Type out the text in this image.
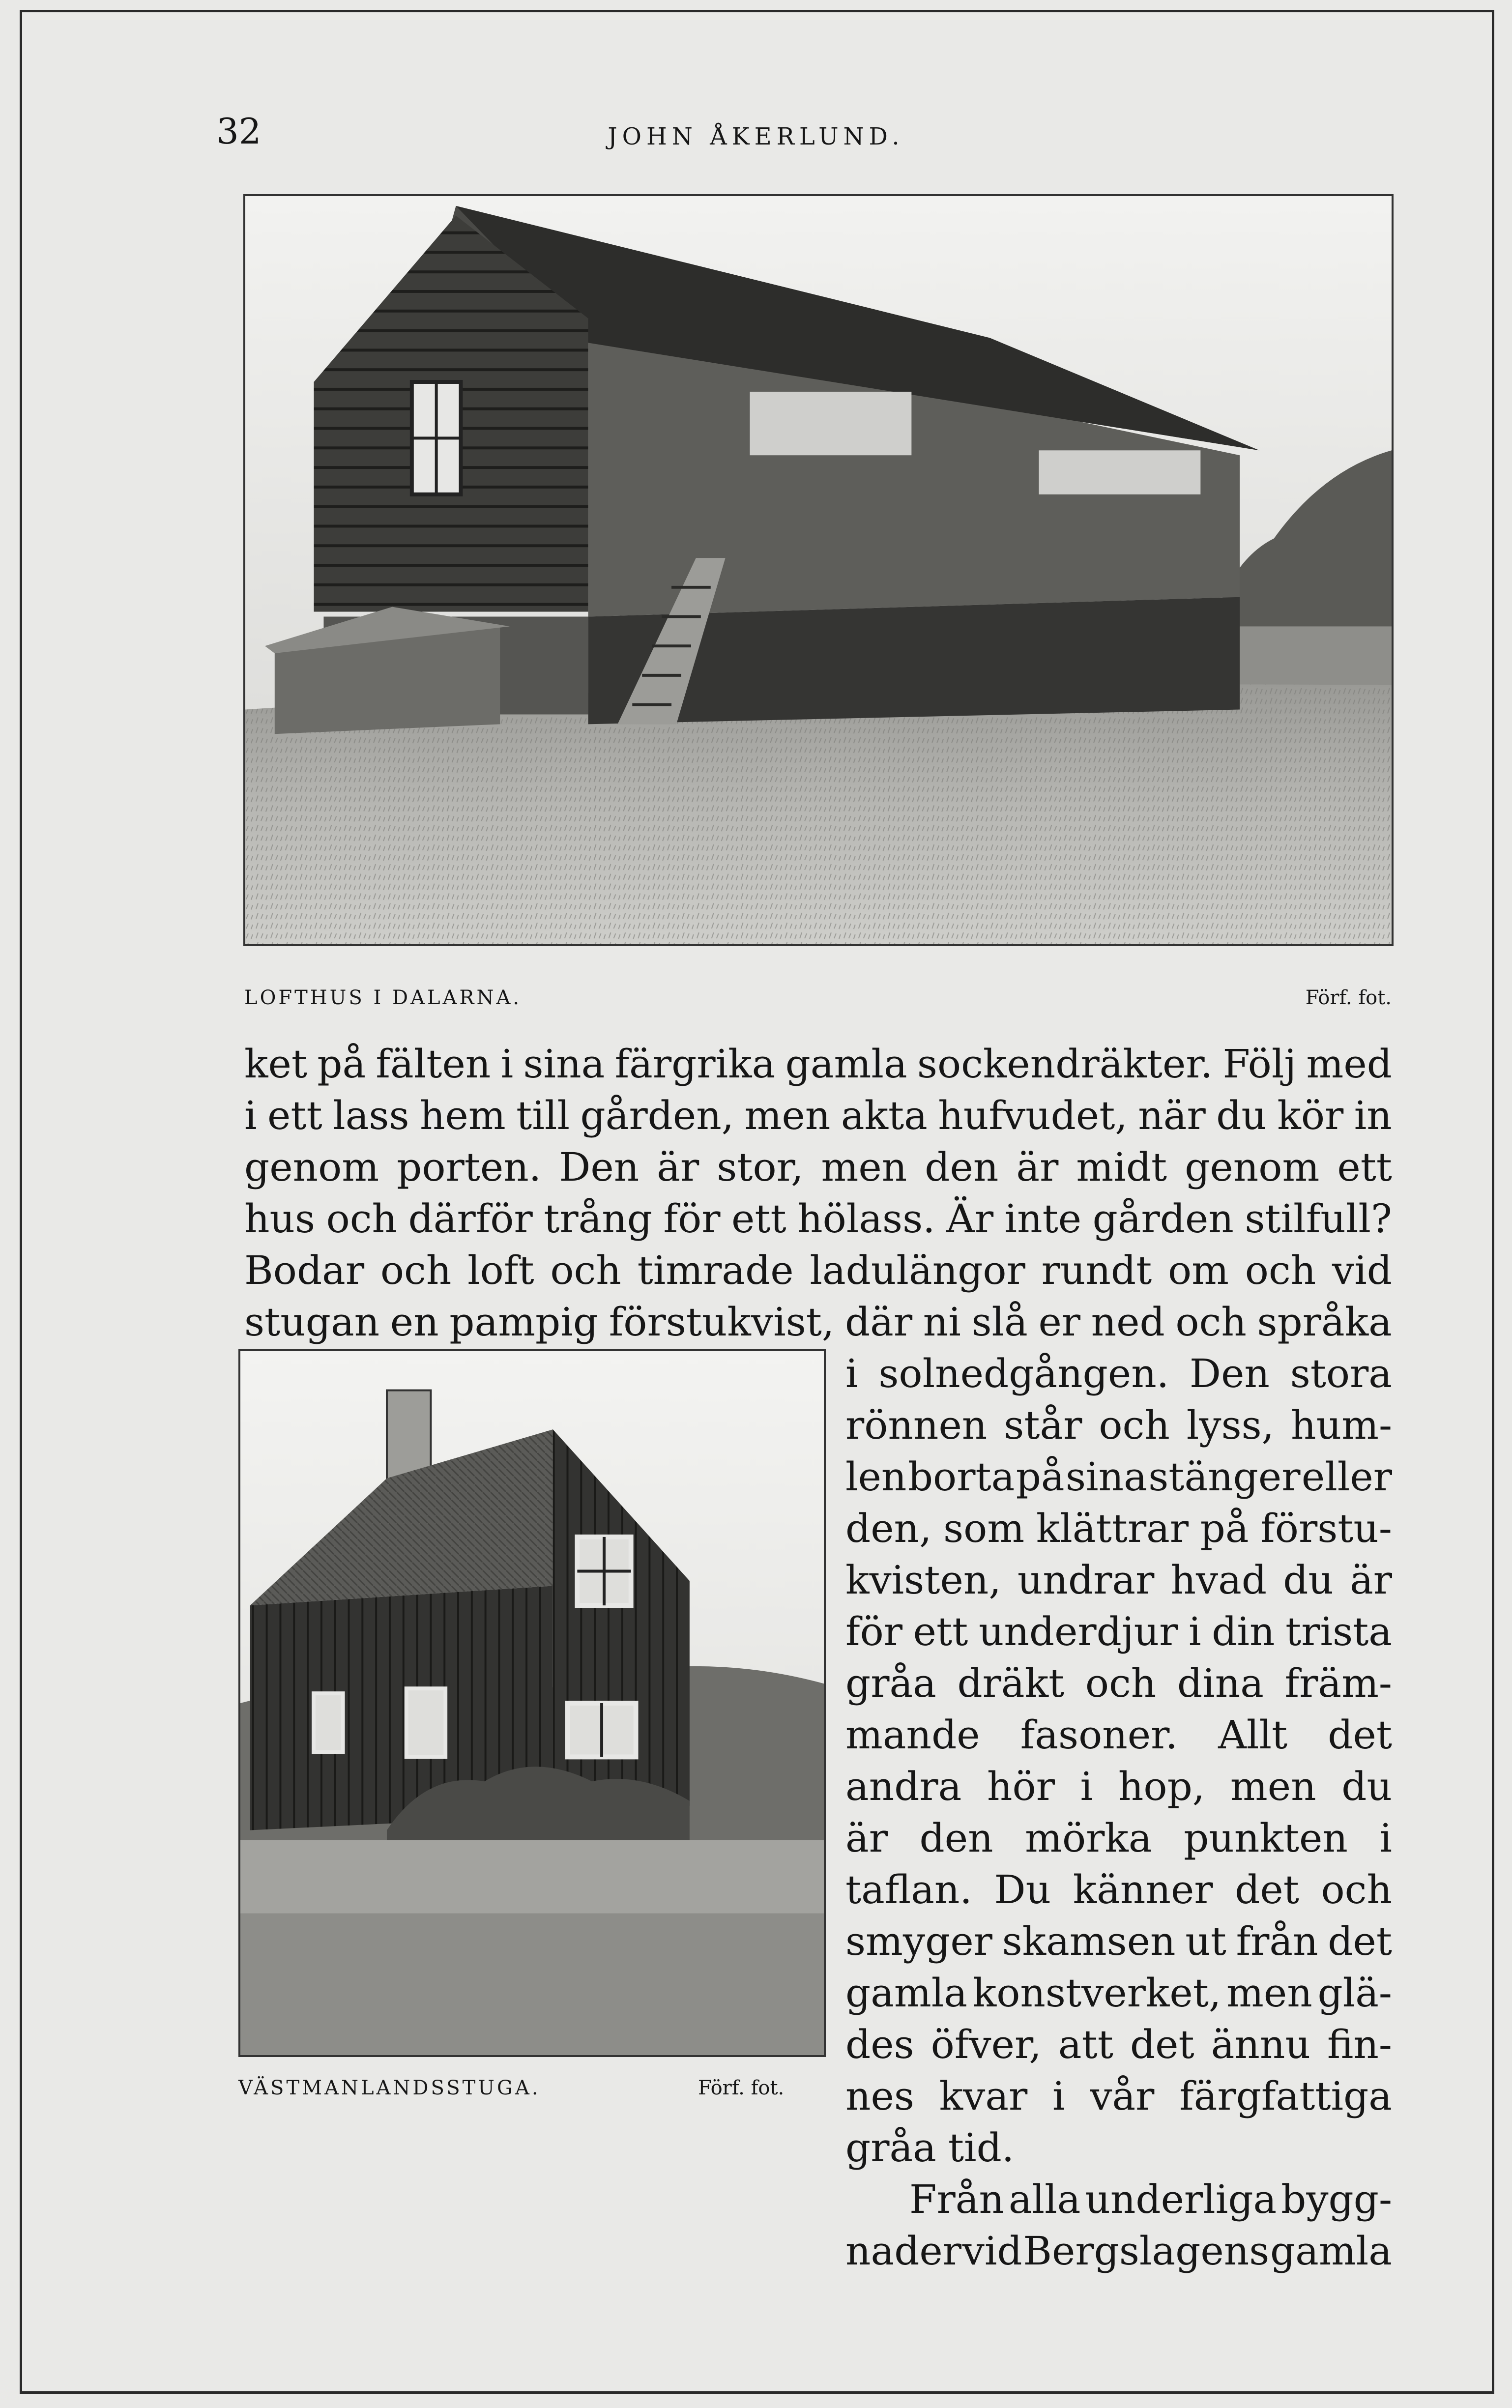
32	JOHN ÅKERLUND.
LOFTHUS I DALARNA.	Förf. fot.
ket på fälten i sina färgrika gamla sockendräkter. Följ med
i ett lass hem till gården, men akta hufvudet, när du kör in
genom porten. Den är stor, men den är midt genom ett
hus och därför trång för ett hölass. Är inte gården stilfull?
Bodar och loft och timrade ladulängor rundt om och vid
stugan en pampig förstukvist, där ni slå er ned och språka
i solnedgången. Den stora
rönnen står och lyss, hum-
len borta på sina stänger eller
den, som klättrar på förstu-
kvisten, undrar hvad du är
för ett underdjur i din trista
gråa dräkt och dina främ-
mande fasoner. Allt det
andra hör i hop, men du
är den mörka punkten i
taflan. Du känner det och
smyger skamsen ut från det
gamla konstverket, men glä-
des öfver, att det ännu fin-
nes kvar i vår färgfattiga
gråa tid.
Från alla underliga bygg-
nader vid Bergslagens gamla
VÄSTMANLANDSSTUGA.	Förf. fot.
